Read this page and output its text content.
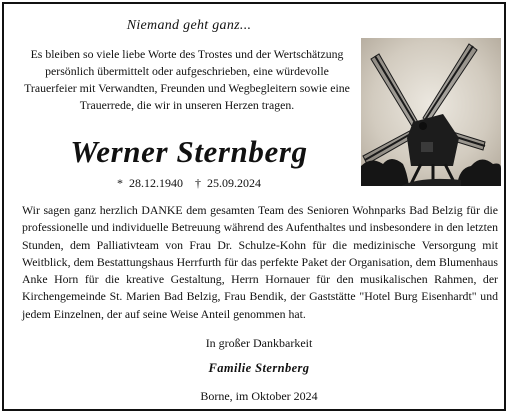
Niemand geht ganz...
Es bleiben so viele liebe Worte des Trostes und der Wertschätzung persönlich übermittelt oder aufgeschrieben, eine würdevolle Trauerfeier mit Verwandten, Freunden und Wegbegleitern sowie eine Trauerrede, die wir in unseren Herzen tragen.
Werner Sternberg
* 28.12.1940 † 25.09.2024
Wir sagen ganz herzlich DANKE dem gesamten Team des Senioren Wohnparks Bad Belzig für die professionelle und individuelle Betreuung während des Aufenthaltes und insbesondere in den letzten Stunden, dem Palliativteam von Frau Dr. Schulze-Kohn für die medizinische Versorgung mit Weitblick, dem Bestattungshaus Herrfurth für das perfekte Paket der Organisation, dem Blumenhaus Anke Horn für die kreative Gestaltung, Herrn Hornauer für den musikalischen Rahmen, der Kirchengemeinde St. Marien Bad Belzig, Frau Bendik, der Gaststätte "Hotel Burg Eisenhardt" und jedem Einzelnen, der auf seine Weise Anteil genommen hat.
In großer Dankbarkeit
Familie Sternberg
Borne, im Oktober 2024
